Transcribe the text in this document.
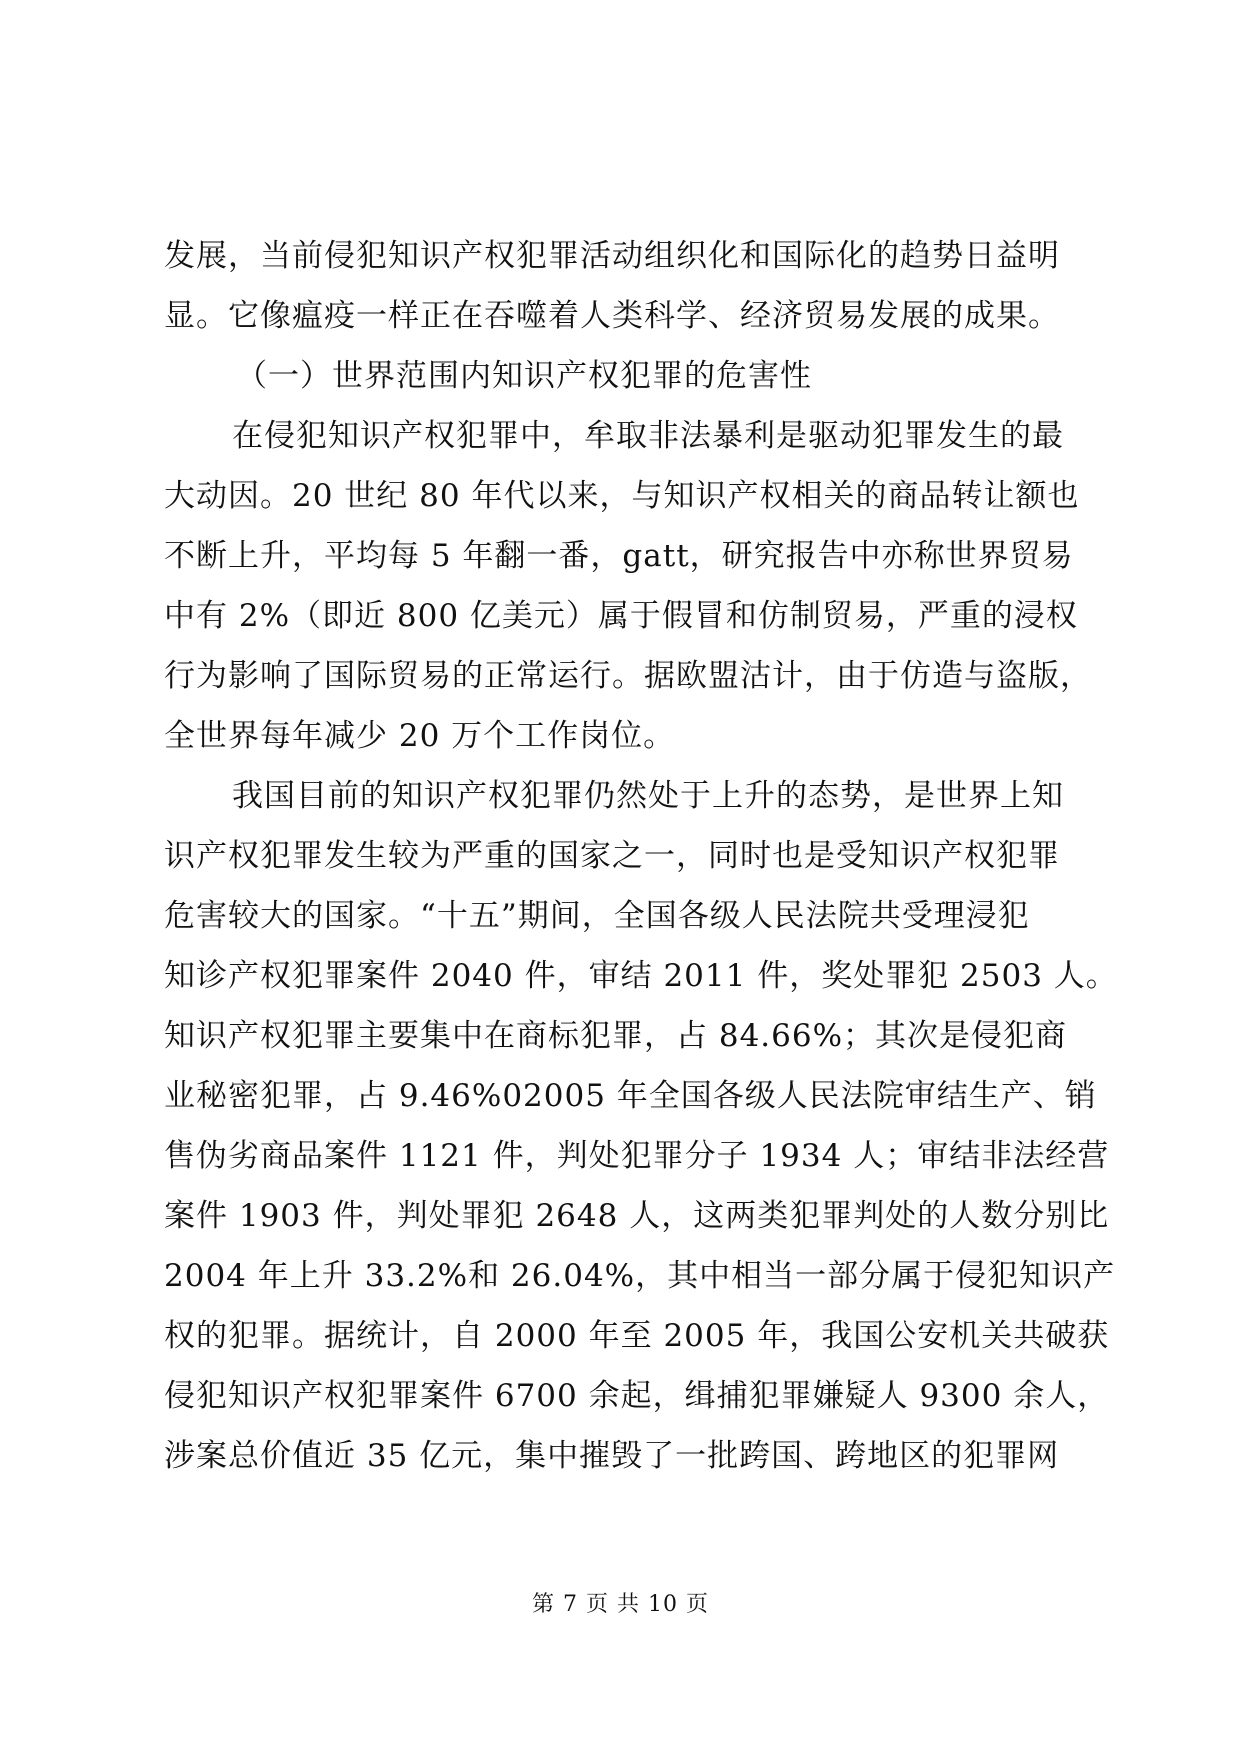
发展，当前侵犯知识产权犯罪活动组织化和国际化的趋势日益明
显。它像瘟疫一样正在吞噬着人类科学、经济贸易发展的成果。
（一）世界范围内知识产权犯罪的危害性
在侵犯知识产权犯罪中，牟取非法暴利是驱动犯罪发生的最
大动因。20 世纪 80 年代以来，与知识产权相关的商品转让额也
不断上升，平均每 5 年翻一番，gatt，研究报告中亦称世界贸易
中有 2%（即近 800 亿美元）属于假冒和仿制贸易，严重的浸权
行为影响了国际贸易的正常运行。据欧盟沽计，由于仿造与盗版，
全世界每年减少 20 万个工作岗位。
我国目前的知识产权犯罪仍然处于上升的态势，是世界上知
识产权犯罪发生较为严重的国家之一，同时也是受知识产权犯罪
危害较大的国家。“十五”期间，全国各级人民法院共受理浸犯
知诊产权犯罪案件 2040 件，审结 2011 件，奖处罪犯 2503 人。
知识产权犯罪主要集中在商标犯罪，占 84.66%；其次是侵犯商
业秘密犯罪，占 9.46%02005 年全国各级人民法院审结生产、销
售伪劣商品案件 1121 件，判处犯罪分子 1934 人；审结非法经营
案件 1903 件，判处罪犯 2648 人，这两类犯罪判处的人数分别比
2004 年上升 33.2%和 26.04%，其中相当一部分属于侵犯知识产
权的犯罪。据统计，自 2000 年至 2005 年，我国公安机关共破获
侵犯知识产权犯罪案件 6700 余起，缉捕犯罪嫌疑人 9300 余人，
涉案总价值近 35 亿元，集中摧毁了一批跨国、跨地区的犯罪网
第 7 页 共 10 页
